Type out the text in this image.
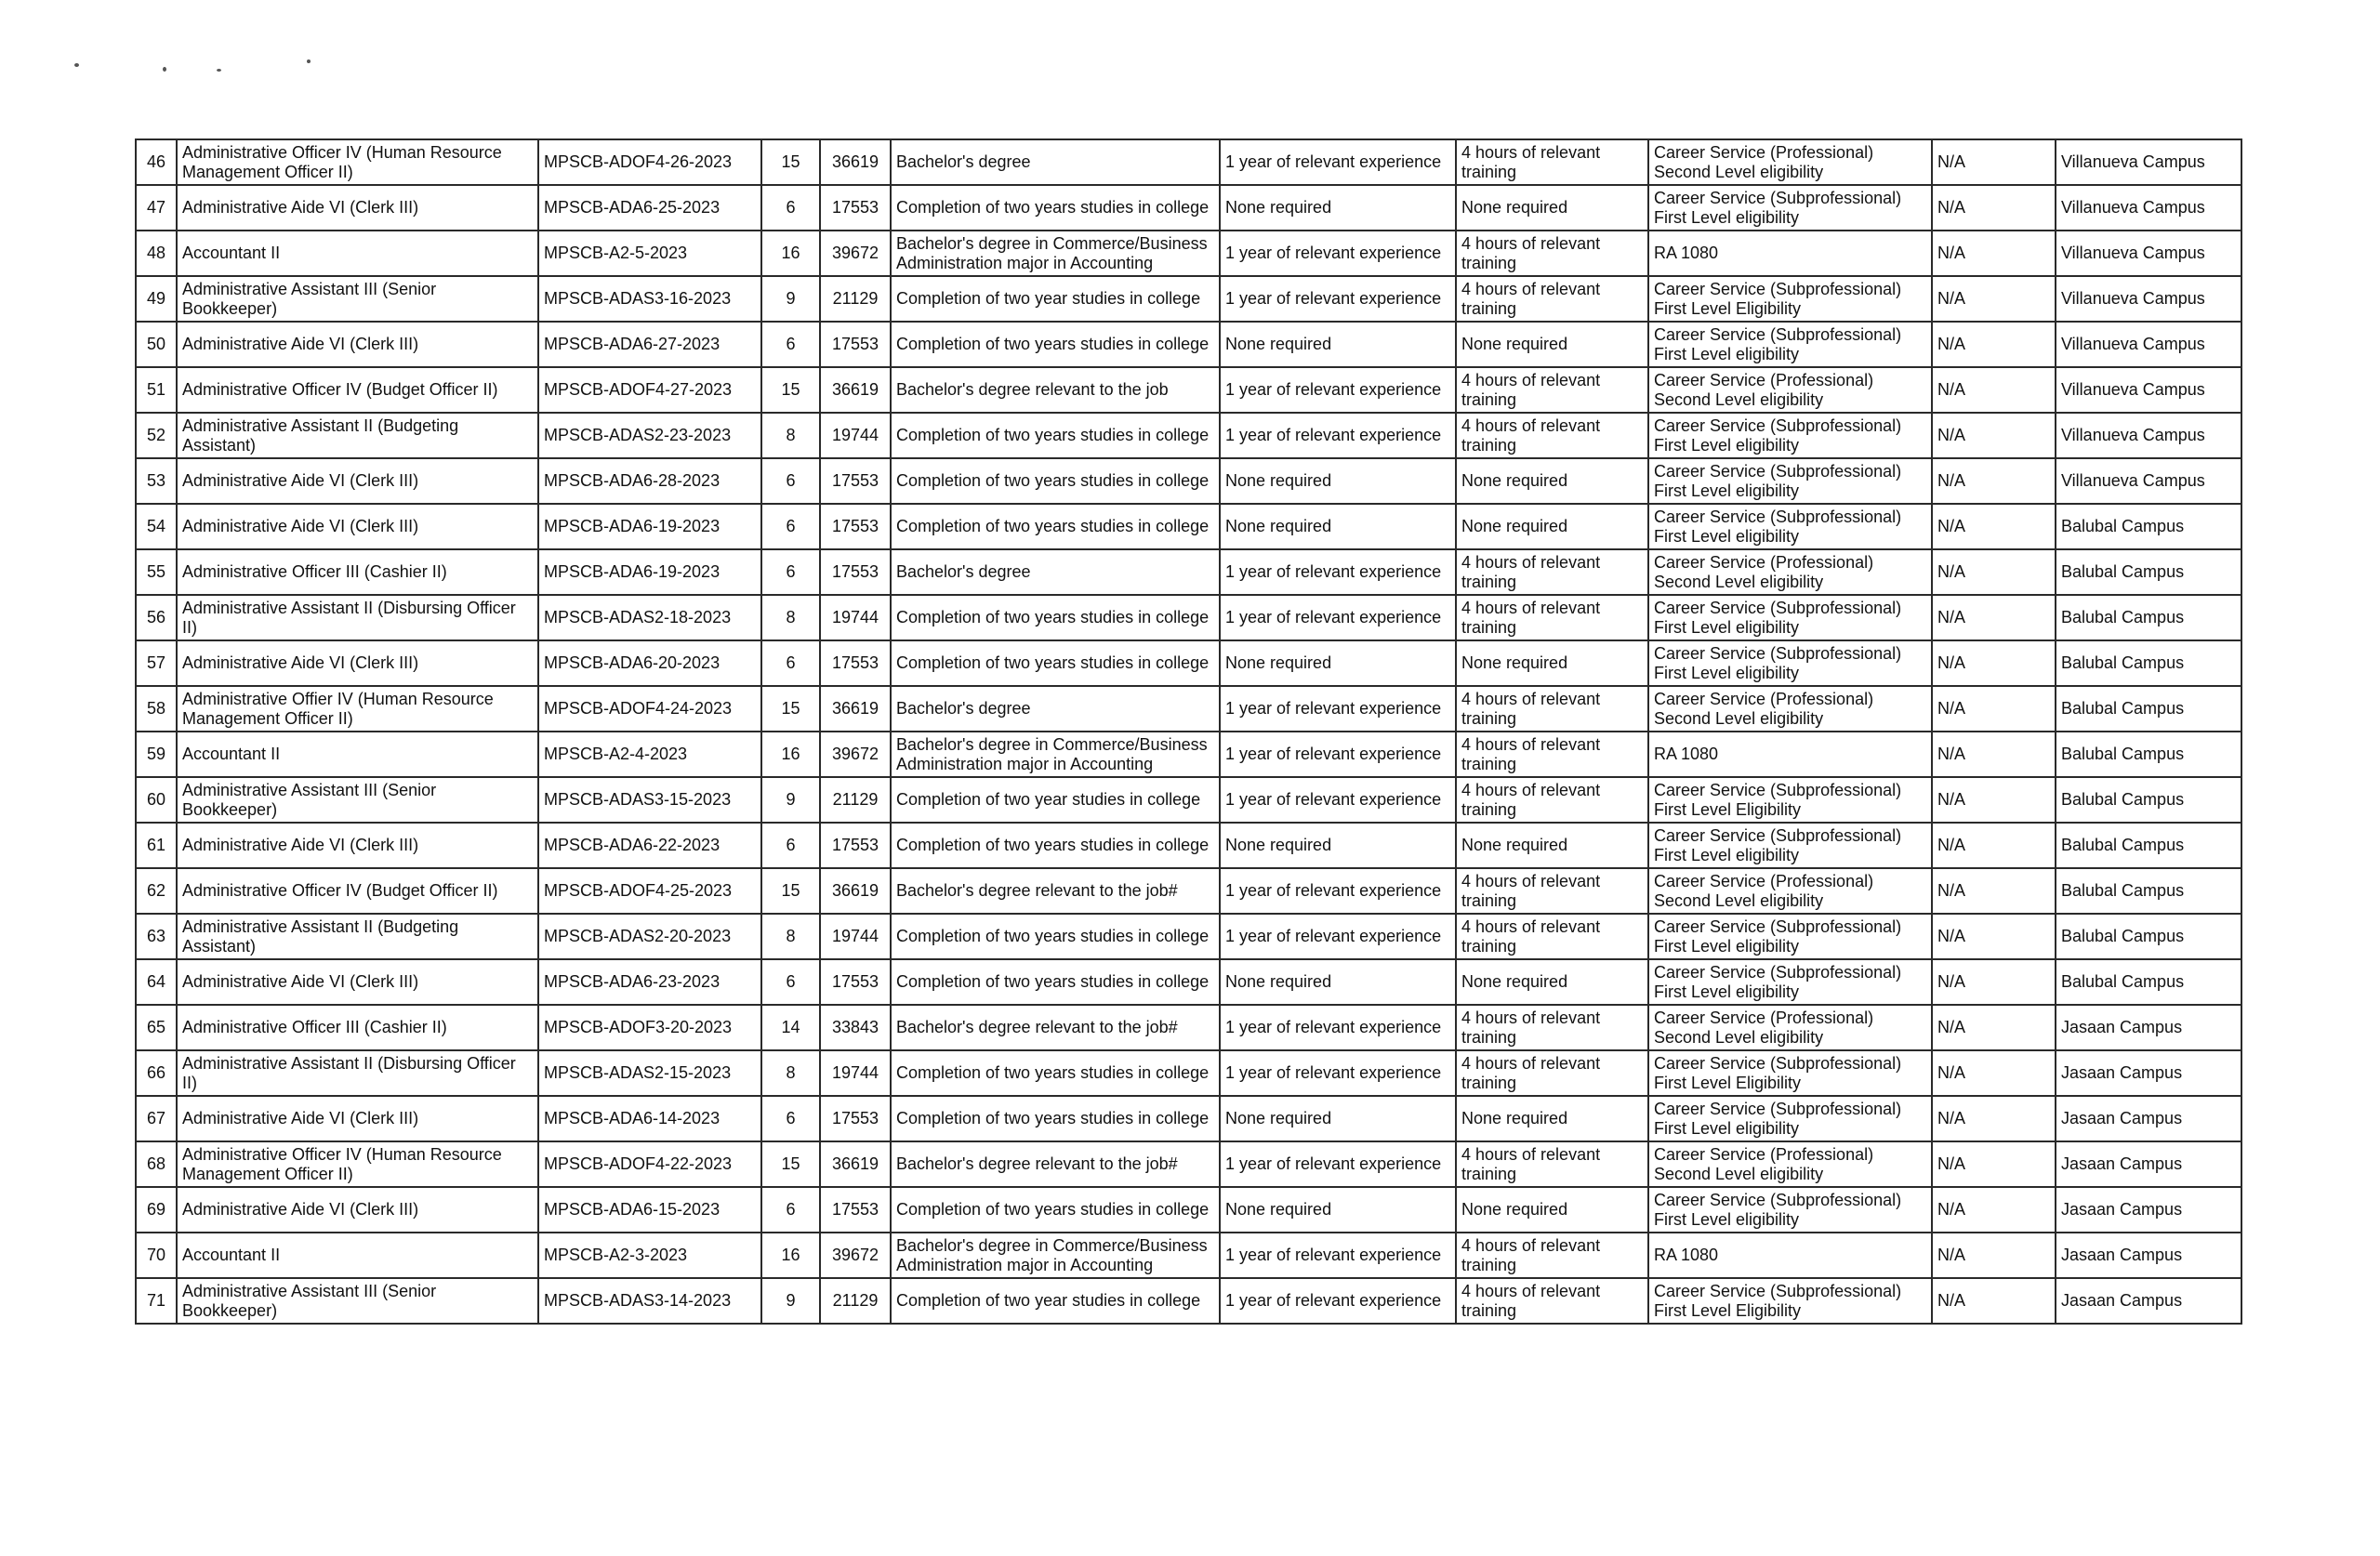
46	Administrative Officer IV (Human Resource Management Officer II)	MPSCB-ADOF4-26-2023	15	36619	Bachelor's degree	1 year of relevant experience	4 hours of relevant training	Career Service (Professional) Second Level eligibility	N/A	Villanueva Campus
47	Administrative Aide VI (Clerk III)	MPSCB-ADA6-25-2023	6	17553	Completion of two years studies in college	None required	None required	Career Service (Subprofessional) First Level eligibility	N/A	Villanueva Campus
48	Accountant II	MPSCB-A2-5-2023	16	39672	Bachelor's degree in Commerce/Business Administration major in Accounting	1 year of relevant experience	4 hours of relevant training	RA 1080	N/A	Villanueva Campus
49	Administrative Assistant III (Senior Bookkeeper)	MPSCB-ADAS3-16-2023	9	21129	Completion of two year studies in college	1 year of relevant experience	4 hours of relevant training	Career Service (Subprofessional) First Level Eligibility	N/A	Villanueva Campus
50	Administrative Aide VI (Clerk III)	MPSCB-ADA6-27-2023	6	17553	Completion of two years studies in college	None required	None required	Career Service (Subprofessional) First Level eligibility	N/A	Villanueva Campus
51	Administrative Officer IV (Budget Officer II)	MPSCB-ADOF4-27-2023	15	36619	Bachelor's degree relevant to the job	1 year of relevant experience	4 hours of relevant training	Career Service (Professional) Second Level eligibility	N/A	Villanueva Campus
52	Administrative Assistant II (Budgeting Assistant)	MPSCB-ADAS2-23-2023	8	19744	Completion of two years studies in college	1 year of relevant experience	4 hours of relevant training	Career Service (Subprofessional) First Level eligibility	N/A	Villanueva Campus
53	Administrative Aide VI (Clerk III)	MPSCB-ADA6-28-2023	6	17553	Completion of two years studies in college	None required	None required	Career Service (Subprofessional) First Level eligibility	N/A	Villanueva Campus
54	Administrative Aide VI (Clerk III)	MPSCB-ADA6-19-2023	6	17553	Completion of two years studies in college	None required	None required	Career Service (Subprofessional) First Level eligibility	N/A	Balubal Campus
55	Administrative Officer III (Cashier II)	MPSCB-ADA6-19-2023	6	17553	Bachelor's degree	1 year of relevant experience	4 hours of relevant training	Career Service (Professional) Second Level eligibility	N/A	Balubal Campus
56	Administrative Assistant II (Disbursing Officer II)	MPSCB-ADAS2-18-2023	8	19744	Completion of two years studies in college	1 year of relevant experience	4 hours of relevant training	Career Service (Subprofessional) First Level eligibility	N/A	Balubal Campus
57	Administrative Aide VI (Clerk III)	MPSCB-ADA6-20-2023	6	17553	Completion of two years studies in college	None required	None required	Career Service (Subprofessional) First Level eligibility	N/A	Balubal Campus
58	Administrative Offier IV (Human Resource Management Officer II)	MPSCB-ADOF4-24-2023	15	36619	Bachelor's degree	1 year of relevant experience	4 hours of relevant training	Career Service (Professional) Second Level eligibility	N/A	Balubal Campus
59	Accountant II	MPSCB-A2-4-2023	16	39672	Bachelor's degree in Commerce/Business Administration major in Accounting	1 year of relevant experience	4 hours of relevant training	RA 1080	N/A	Balubal Campus
60	Administrative Assistant III (Senior Bookkeeper)	MPSCB-ADAS3-15-2023	9	21129	Completion of two year studies in college	1 year of relevant experience	4 hours of relevant training	Career Service (Subprofessional) First Level Eligibility	N/A	Balubal Campus
61	Administrative Aide VI (Clerk III)	MPSCB-ADA6-22-2023	6	17553	Completion of two years studies in college	None required	None required	Career Service (Subprofessional) First Level eligibility	N/A	Balubal Campus
62	Administrative Officer IV (Budget Officer II)	MPSCB-ADOF4-25-2023	15	36619	Bachelor's degree relevant to the job#	1 year of relevant experience	4 hours of relevant training	Career Service (Professional) Second Level eligibility	N/A	Balubal Campus
63	Administrative Assistant II (Budgeting Assistant)	MPSCB-ADAS2-20-2023	8	19744	Completion of two years studies in college	1 year of relevant experience	4 hours of relevant training	Career Service (Subprofessional) First Level eligibility	N/A	Balubal Campus
64	Administrative Aide VI (Clerk III)	MPSCB-ADA6-23-2023	6	17553	Completion of two years studies in college	None required	None required	Career Service (Subprofessional) First Level eligibility	N/A	Balubal Campus
65	Administrative Officer III (Cashier II)	MPSCB-ADOF3-20-2023	14	33843	Bachelor's degree relevant to the job#	1 year of relevant experience	4 hours of relevant training	Career Service (Professional) Second Level eligibility	N/A	Jasaan Campus
66	Administrative Assistant II (Disbursing Officer II)	MPSCB-ADAS2-15-2023	8	19744	Completion of two years studies in college	1 year of relevant experience	4 hours of relevant training	Career Service (Subprofessional) First Level Eligibility	N/A	Jasaan Campus
67	Administrative Aide VI (Clerk III)	MPSCB-ADA6-14-2023	6	17553	Completion of two years studies in college	None required	None required	Career Service (Subprofessional) First Level eligibility	N/A	Jasaan Campus
68	Administrative Officer IV (Human Resource Management Officer II)	MPSCB-ADOF4-22-2023	15	36619	Bachelor's degree relevant to the job#	1 year of relevant experience	4 hours of relevant training	Career Service (Professional) Second Level eligibility	N/A	Jasaan Campus
69	Administrative Aide VI (Clerk III)	MPSCB-ADA6-15-2023	6	17553	Completion of two years studies in college	None required	None required	Career Service (Subprofessional) First Level eligibility	N/A	Jasaan Campus
70	Accountant II	MPSCB-A2-3-2023	16	39672	Bachelor's degree in Commerce/Business Administration major in Accounting	1 year of relevant experience	4 hours of relevant training	RA 1080	N/A	Jasaan Campus
71	Administrative Assistant III (Senior Bookkeeper)	MPSCB-ADAS3-14-2023	9	21129	Completion of two year studies in college	1 year of relevant experience	4 hours of relevant training	Career Service (Subprofessional) First Level Eligibility	N/A	Jasaan Campus
